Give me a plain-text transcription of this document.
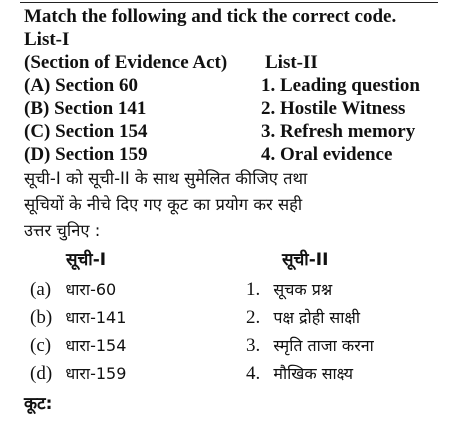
Match the following and tick the correct code.
List-I
(Section of Evidence Act) List-II
(A) Section 60	1. Leading question
(B) Section 141	2. Hostile Witness
(C) Section 154	3. Refresh memory
(D) Section 159	4. Oral evidence
सूची-I को सूची-II के साथ सुमेलित कीजिए तथा
सूचियों के नीचे दिए गए कूट का प्रयोग कर सही
उत्तर चुनिए :
सूची-I	सूची-II
(a) धारा-60	1. सूचक प्रश्न
(b) धारा-141	2. पक्ष द्रोही साक्षी
(c) धारा-154	3. स्मृति ताजा करना
(d) धारा-159	4. मौखिक साक्ष्य
कूट:
